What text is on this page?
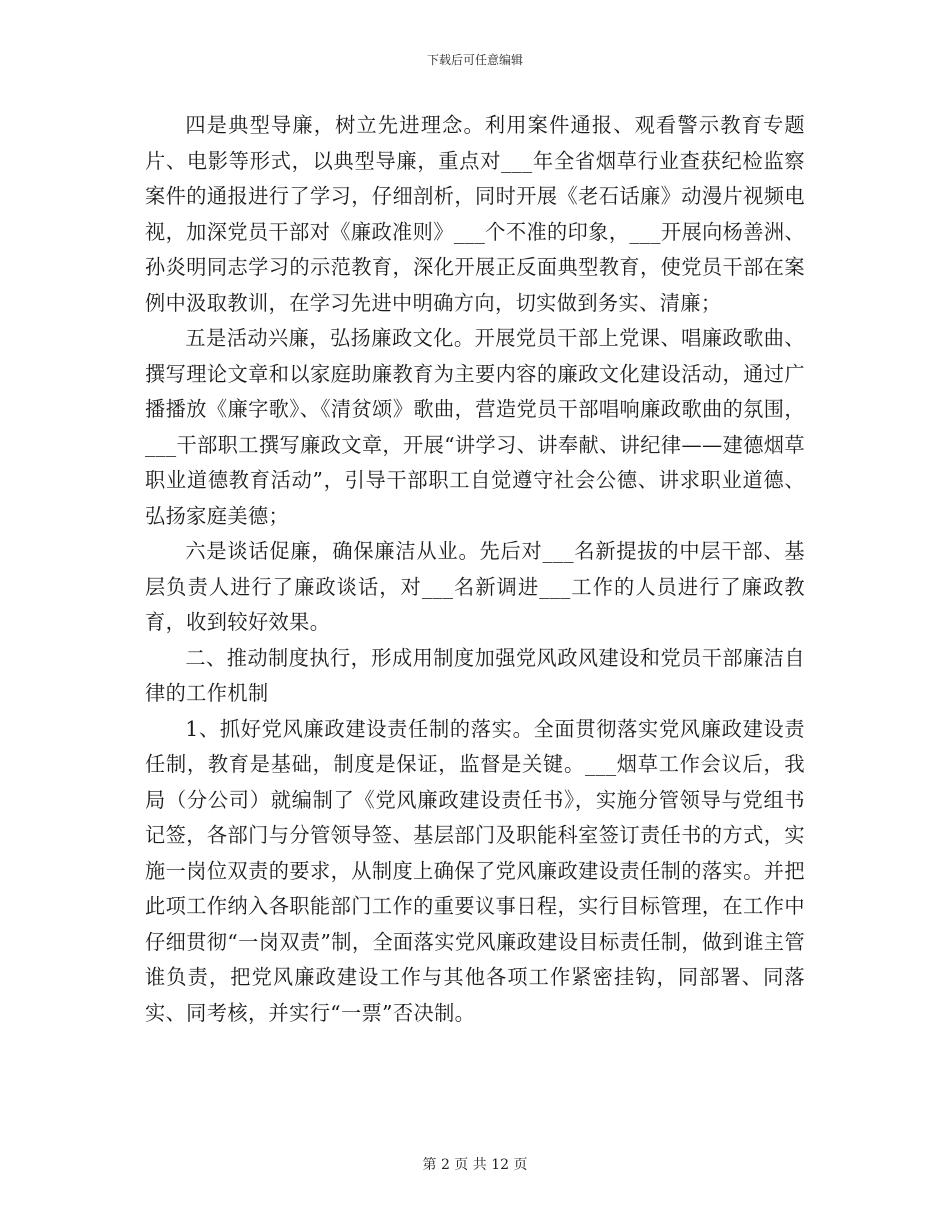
下载后可任意编辑

四是典型导廉，树立先进理念。利用案件通报、观看警示教育专题片、电影等形式，以典型导廉，重点对___年全省烟草行业查获纪检监察案件的通报进行了学习，仔细剖析，同时开展《老石话廉》动漫片视频电视，加深党员干部对《廉政准则》___个不准的印象，___开展向杨善洲、孙炎明同志学习的示范教育，深化开展正反面典型教育，使党员干部在案例中汲取教训，在学习先进中明确方向，切实做到务实、清廉；

五是活动兴廉，弘扬廉政文化。开展党员干部上党课、唱廉政歌曲、撰写理论文章和以家庭助廉教育为主要内容的廉政文化建设活动，通过广播播放《廉字歌》、《清贫颂》歌曲，营造党员干部唱响廉政歌曲的氛围，___干部职工撰写廉政文章，开展“讲学习、讲奉献、讲纪律——建德烟草职业道德教育活动”，引导干部职工自觉遵守社会公德、讲求职业道德、弘扬家庭美德；

六是谈话促廉，确保廉洁从业。先后对___名新提拔的中层干部、基层负责人进行了廉政谈话，对___名新调进___工作的人员进行了廉政教育，收到较好效果。

二、推动制度执行，形成用制度加强党风政风建设和党员干部廉洁自律的工作机制

1、抓好党风廉政建设责任制的落实。全面贯彻落实党风廉政建设责任制，教育是基础，制度是保证，监督是关键。___烟草工作会议后，我局（分公司）就编制了《党风廉政建设责任书》，实施分管领导与党组书记签，各部门与分管领导签、基层部门及职能科室签订责任书的方式，实施一岗位双责的要求，从制度上确保了党风廉政建设责任制的落实。并把此项工作纳入各职能部门工作的重要议事日程，实行目标管理，在工作中仔细贯彻“一岗双责”制，全面落实党风廉政建设目标责任制，做到谁主管谁负责，把党风廉政建设工作与其他各项工作紧密挂钩，同部署、同落实、同考核，并实行“一票”否决制。

第 2 页 共 12 页
